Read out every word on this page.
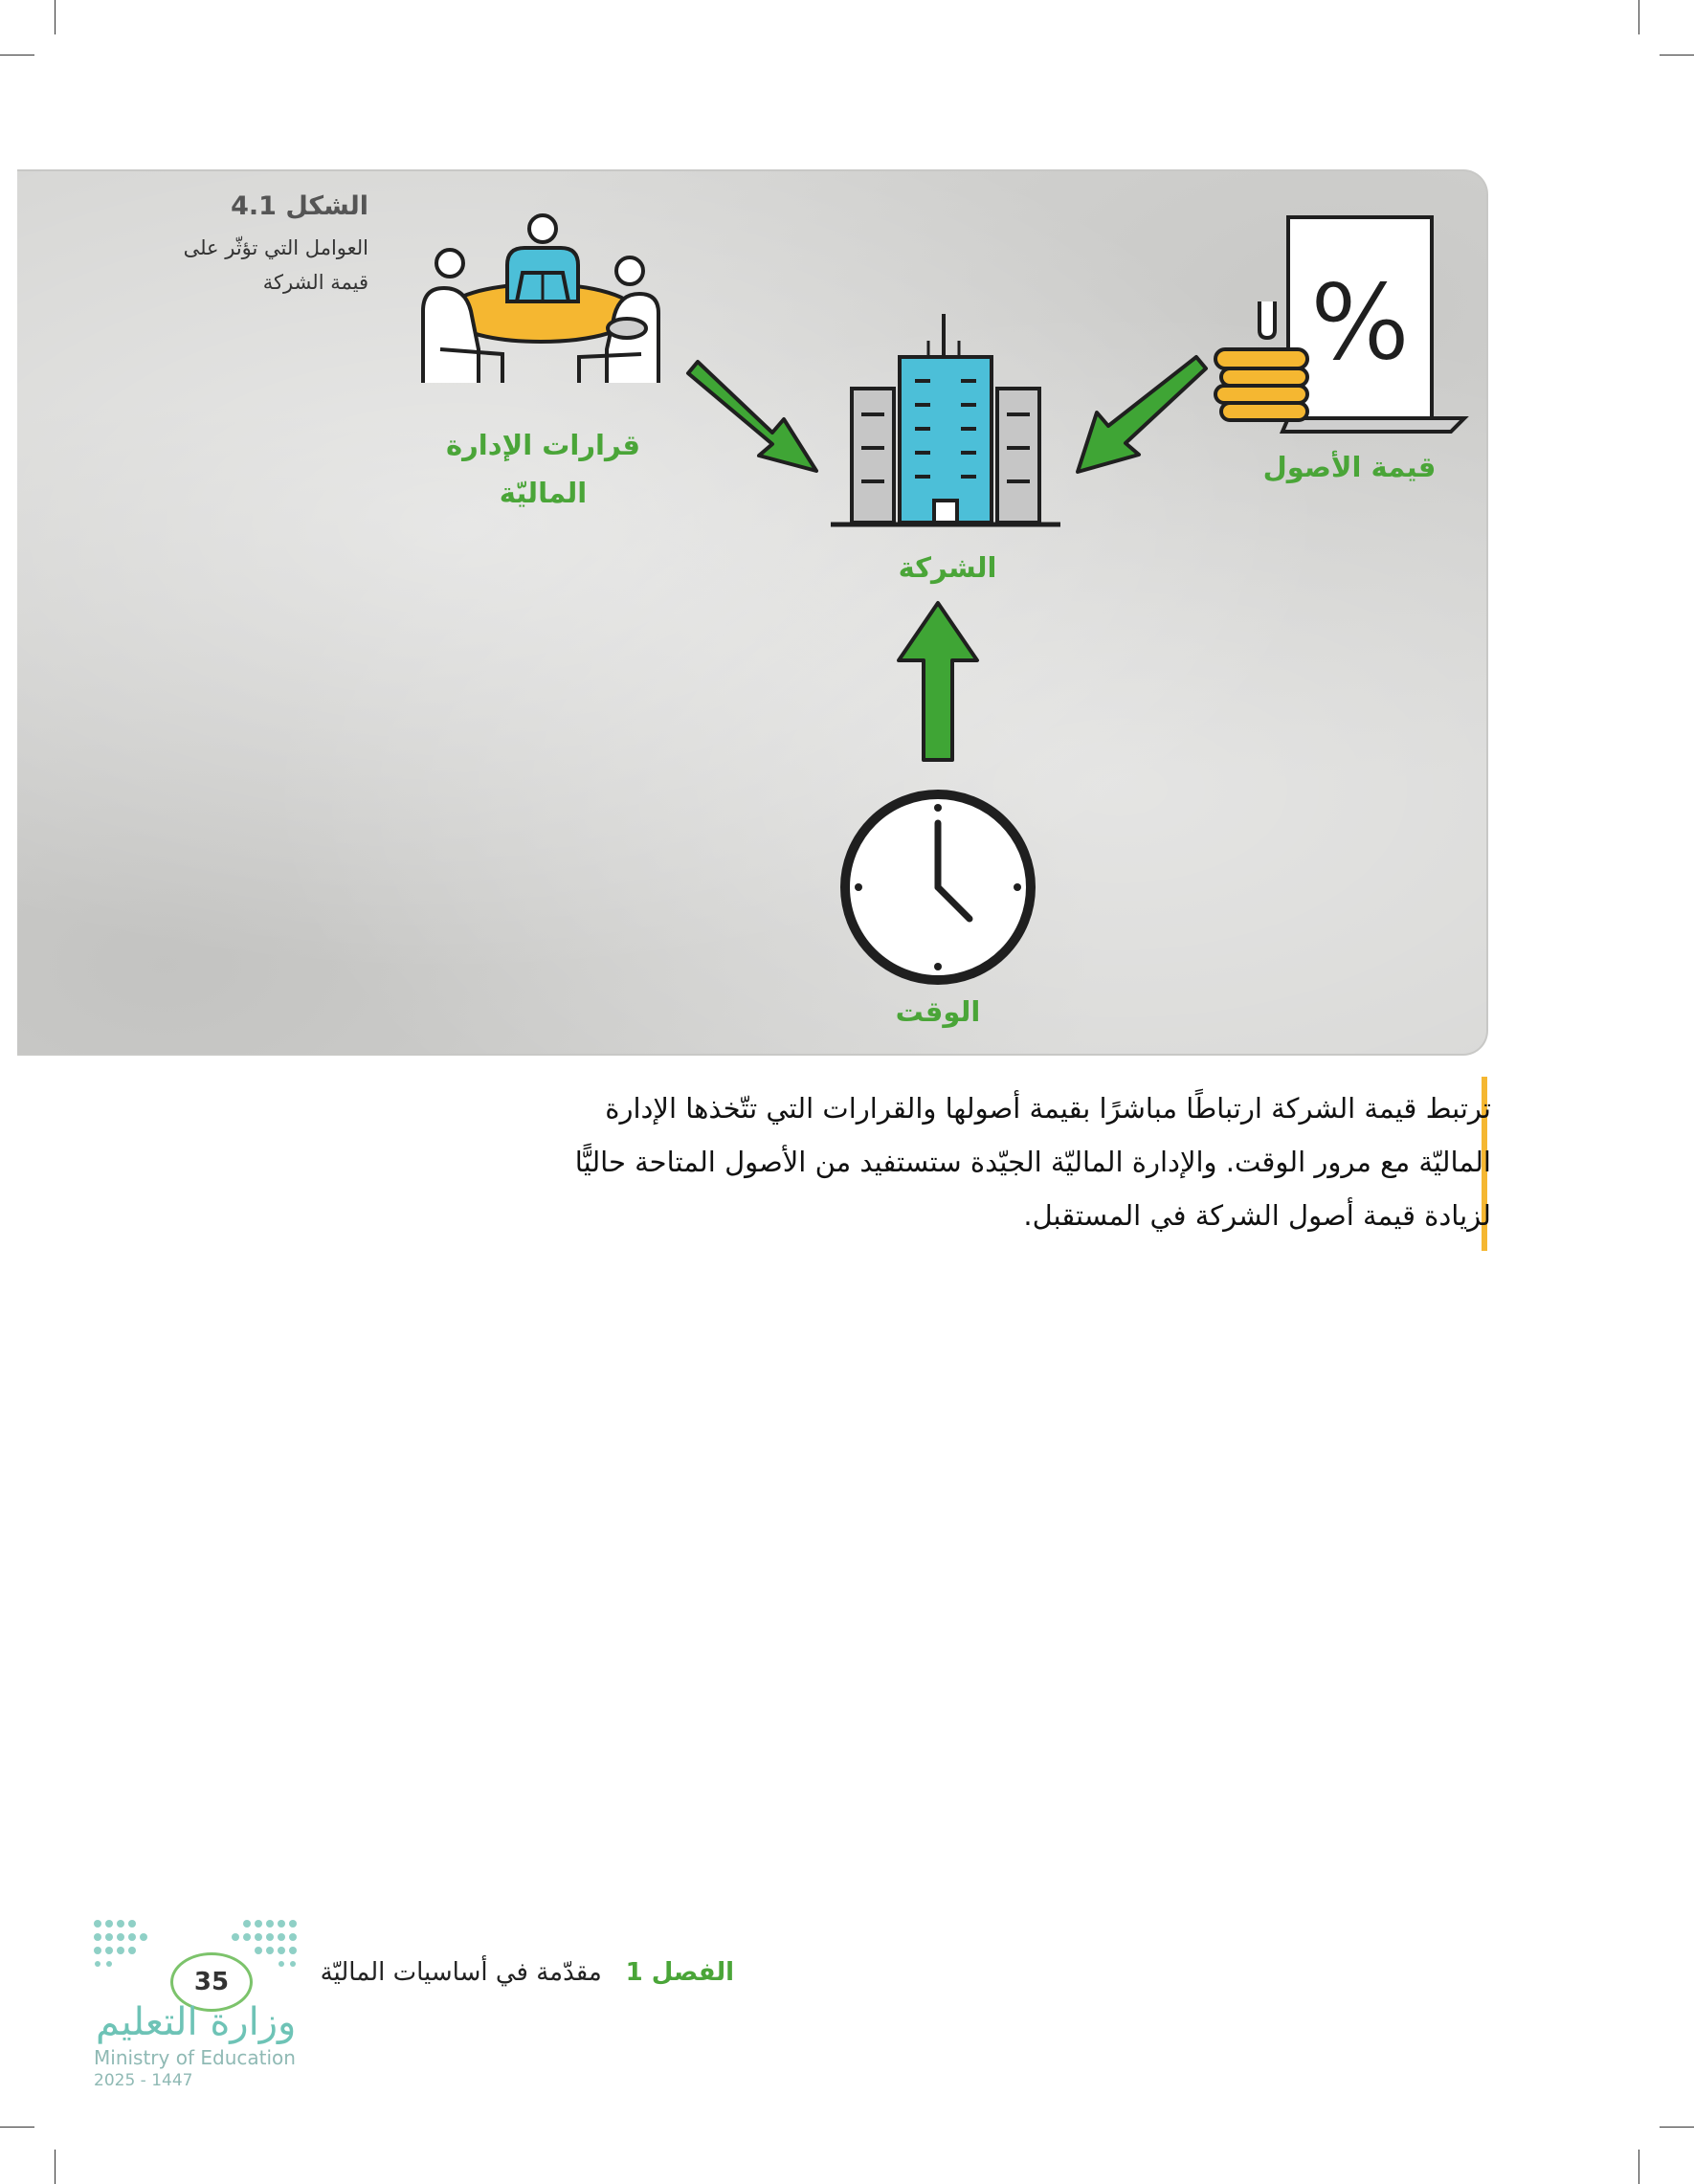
الشكل 4.1
العوامل التي تؤثّر على
قيمة الشركة
قرارات الإدارة
الماليّة
الشركة
%
قيمة الأصول
الوقت
ترتبط قيمة الشركة ارتباطًا مباشرًا بقيمة أصولها والقرارات التي تتّخذها الإدارة
الماليّة مع مرور الوقت. والإدارة الماليّة الجيّدة ستستفيد من الأصول المتاحة حاليًّا
لزيادة قيمة أصول الشركة في المستقبل.
الفصل 1   مقدّمة في أساسيات الماليّة
35
وزارة التعليم
Ministry of Education
2025 - 1447
